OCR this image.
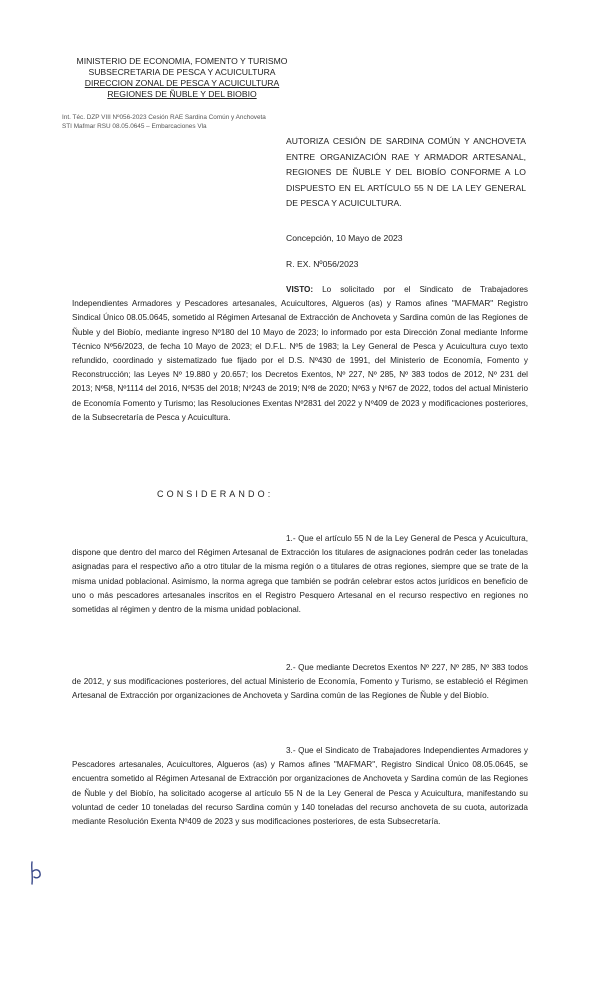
MINISTERIO DE ECONOMIA, FOMENTO Y TURISMO
SUBSECRETARIA DE PESCA Y ACUICULTURA
DIRECCION ZONAL DE PESCA Y ACUICULTURA
REGIONES DE ÑUBLE Y DEL BIOBIO
Int. Téc. DZP VIII Nº056-2023 Cesión RAE Sardina Común y Anchoveta
STI Mafmar RSU 08.05.0645 – Embarcaciones Vla
AUTORIZA CESIÓN DE SARDINA COMÚN Y ANCHOVETA ENTRE ORGANIZACIÓN RAE Y ARMADOR ARTESANAL, REGIONES DE ÑUBLE Y DEL BIOBÍO CONFORME A LO DISPUESTO EN EL ARTÍCULO 55 N DE LA LEY GENERAL DE PESCA Y ACUICULTURA.
Concepción, 10 Mayo de 2023
R. EX. Nº056/2023
VISTO: Lo solicitado por el Sindicato de Trabajadores Independientes Armadores y Pescadores artesanales, Acuicultores, Algueros (as) y Ramos afines "MAFMAR" Registro Sindical Único 08.05.0645, sometido al Régimen Artesanal de Extracción de Anchoveta y Sardina común de las Regiones de Ñuble y del Biobío, mediante ingreso Nº180 del 10 Mayo de 2023; lo informado por esta Dirección Zonal mediante Informe Técnico Nº56/2023, de fecha 10 Mayo de 2023; el D.F.L. Nº5 de 1983; la Ley General de Pesca y Acuicultura cuyo texto refundido, coordinado y sistematizado fue fijado por el D.S. Nº430 de 1991, del Ministerio de Economía, Fomento y Reconstrucción; las Leyes Nº 19.880 y 20.657; los Decretos Exentos, Nº 227, Nº 285, Nº 383 todos de 2012, Nº 231 del 2013; Nº58, Nº1114 del 2016, Nº535 del 2018; Nº243 de 2019; Nº8 de 2020; Nº63 y Nº67 de 2022, todos del actual Ministerio de Economía Fomento y Turismo; las Resoluciones Exentas Nº2831 del 2022 y Nº409 de 2023 y modificaciones posteriores, de la Subsecretaría de Pesca y Acuicultura.
CONSIDERANDO:
1.- Que el artículo 55 N de la Ley General de Pesca y Acuicultura, dispone que dentro del marco del Régimen Artesanal de Extracción los titulares de asignaciones podrán ceder las toneladas asignadas para el respectivo año a otro titular de la misma región o a titulares de otras regiones, siempre que se trate de la misma unidad poblacional. Asimismo, la norma agrega que también se podrán celebrar estos actos jurídicos en beneficio de uno o más pescadores artesanales inscritos en el Registro Pesquero Artesanal en el recurso respectivo en regiones no sometidas al régimen y dentro de la misma unidad poblacional.
2.- Que mediante Decretos Exentos Nº 227, Nº 285, Nº 383 todos de 2012, y sus modificaciones posteriores, del actual Ministerio de Economía, Fomento y Turismo, se estableció el Régimen Artesanal de Extracción por organizaciones de Anchoveta y Sardina común de las Regiones de Ñuble y del Biobío.
3.- Que el Sindicato de Trabajadores Independientes Armadores y Pescadores artesanales, Acuicultores, Algueros (as) y Ramos afines "MAFMAR", Registro Sindical Único 08.05.0645, se encuentra sometido al Régimen Artesanal de Extracción por organizaciones de Anchoveta y Sardina común de las Regiones de Ñuble y del Biobío, ha solicitado acogerse al artículo 55 N de la Ley General de Pesca y Acuicultura, manifestando su voluntad de ceder 10 toneladas del recurso Sardina común y 140 toneladas del recurso anchoveta de su cuota, autorizada mediante Resolución Exenta Nº409 de 2023 y sus modificaciones posteriores, de esta Subsecretaría.
